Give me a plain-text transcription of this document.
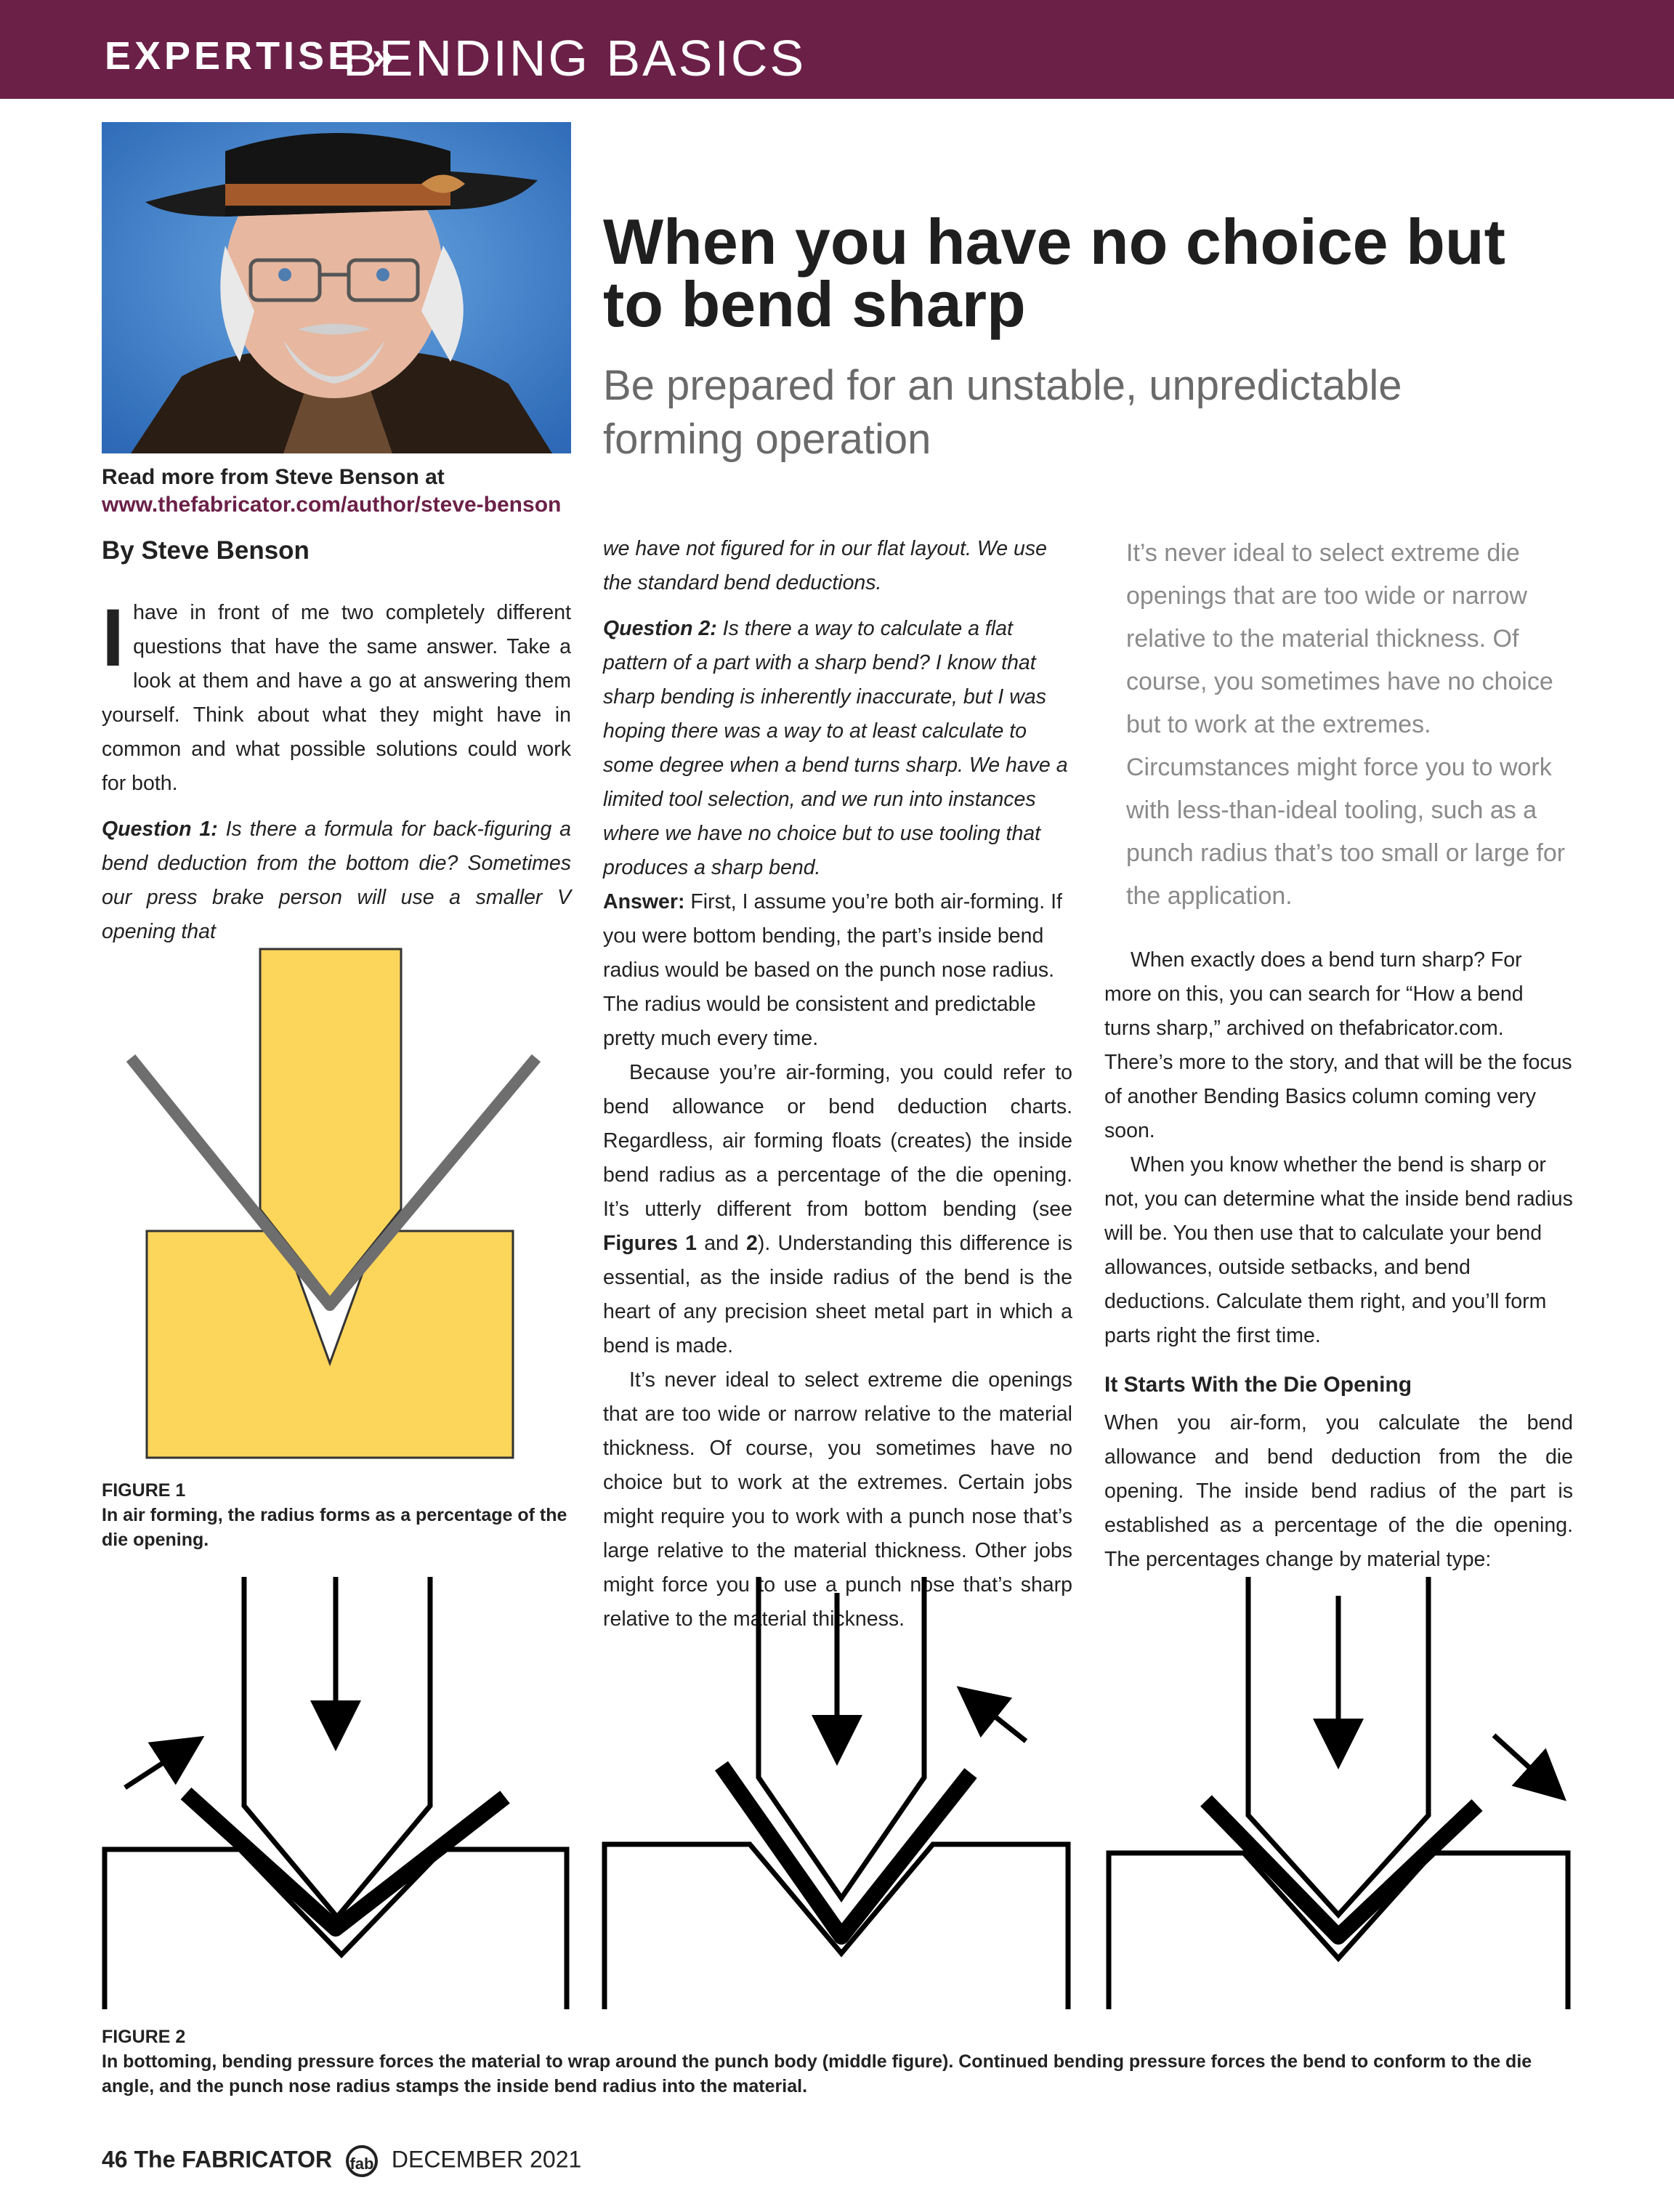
EXPERTISE »
BENDING BASICS
When you have no choice but to bend sharp
Be prepared for an unstable, unpredictable forming operation
Read more from Steve Benson at
www.thefabricator.com/author/steve-benson
By Steve Benson

Ihave in front of me two completely different questions that have the same answer. Take a look at them and have a go at answering them yourself. Think about what they might have in common and what possible solutions could work for both.

Question 1: Is there a formula for back-figuring a bend deduction from the bottom die? Sometimes our press brake person will use a smaller V opening that

FIGURE 1
In air forming, the radius forms as a percentage of the die opening.

we have not figured for in our flat layout. We use the standard bend deductions.

Question 2: Is there a way to calculate a flat pattern of a part with a sharp bend? I know that sharp bending is inherently inaccurate, but I was hoping there was a way to at least calculate to some degree when a bend turns sharp. We have a limited tool selection, and we run into instances where we have no choice but to use tooling that produces a sharp bend.

Answer: First, I assume you’re both air-forming. If you were bottom bending, the part’s inside bend radius would be based on the punch nose radius. The radius would be consistent and predictable pretty much every time.

Because you’re air-forming, you could refer to bend allowance or bend deduction charts. Regardless, air forming floats (creates) the inside bend radius as a percentage of the die opening. It’s utterly different from bottom bending (see Figures 1 and 2). Understanding this difference is essential, as the inside radius of the bend is the heart of any precision sheet metal part in which a bend is made.

It’s never ideal to select extreme die openings that are too wide or narrow relative to the material thickness. Of course, you sometimes have no choice but to work at the extremes. Certain jobs might require you to work with a punch nose that’s large relative to the material thickness. Other jobs might force you to use a punch nose that’s sharp relative to the material thickness.

It’s never ideal to select extreme die openings that are too wide or narrow relative to the material thickness. Of course, you sometimes have no choice but to work at the extremes. Circumstances might force you to work with less-than-ideal tooling, such as a punch radius that’s too small or large for the application.

When exactly does a bend turn sharp? For more on this, you can search for “How a bend turns sharp,” archived on thefabricator.com. There’s more to the story, and that will be the focus of another Bending Basics column coming very soon.

When you know whether the bend is sharp or not, you can determine what the inside bend radius will be. You then use that to calculate your bend allowances, outside setbacks, and bend deductions. Calculate them right, and you’ll form parts right the first time.

It Starts With the Die Opening

When you air-form, you calculate the bend allowance and bend deduction from the die opening. The inside bend radius of the part is established as a percentage of the die opening. The percentages change by material type:

FIGURE 2
In bottoming, bending pressure forces the material to wrap around the punch body (middle figure). Continued bending pressure forces the bend to conform to the die angle, and the punch nose radius stamps the inside bend radius into the material.
46 The FABRICATOR fab DECEMBER 2021
